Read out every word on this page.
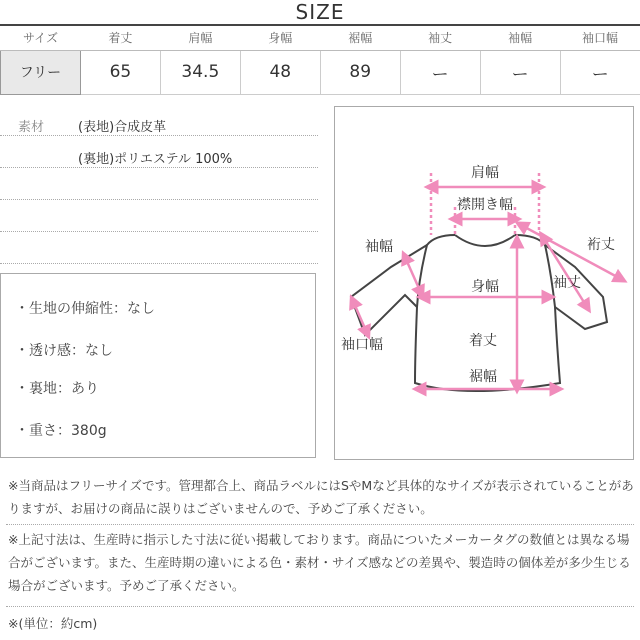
SIZE
サイズ	着丈	肩幅	身幅	裾幅	袖丈	袖幅	袖口幅
フリー	65	34.5	48	89	ー	ー	ー
素材	(表地)合成皮革
(裏地)ポリエステル 100%
・生地の伸縮性：なし
・透け感：なし
・裏地：あり
・重さ：380g
肩幅
襟開き幅
裄丈
袖幅
袖丈
身幅
袖口幅	着丈
裾幅
※当商品はフリーサイズです。管理都合上、商品ラベルにはSやMなど具体的なサイズが表示されていることがありますが、お届けの商品に誤りはございませんので、予めご了承ください。
※上記寸法は、生産時に指示した寸法に従い掲載しております。商品についたメーカータグの数値とは異なる場合がございます。また、生産時期の違いによる色・素材・サイズ感などの差異や、製造時の個体差が多少生じる場合がございます。予めご了承ください。
※(単位：約cm)
